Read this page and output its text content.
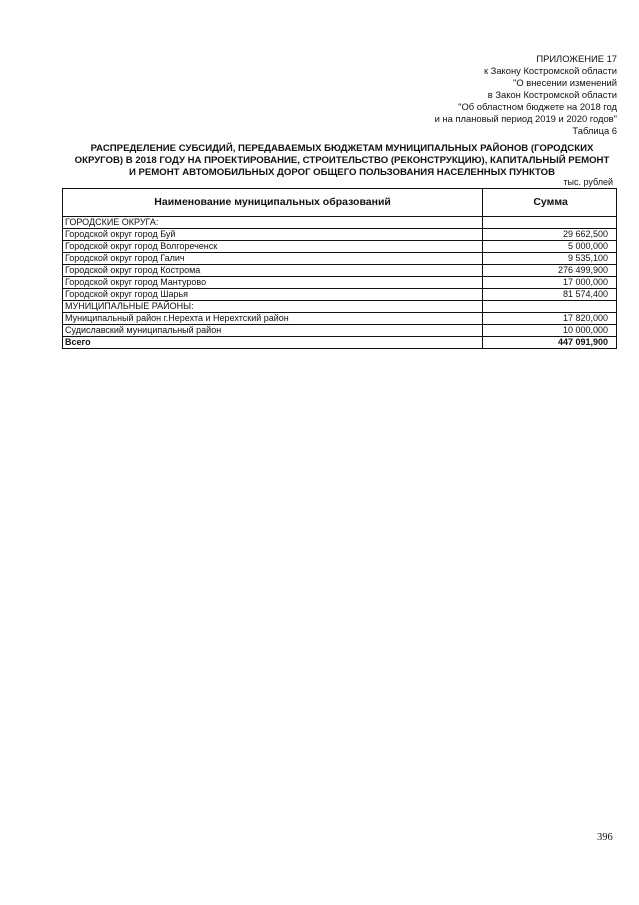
ПРИЛОЖЕНИЕ 17
к Закону Костромской области
"О внесении изменений
в Закон Костромской области
"Об областном бюджете на 2018 год
и на плановый период 2019 и 2020 годов"
Таблица 6
РАСПРЕДЕЛЕНИЕ СУБСИДИЙ, ПЕРЕДАВАЕМЫХ БЮДЖЕТАМ МУНИЦИПАЛЬНЫХ РАЙОНОВ (ГОРОДСКИХ
ОКРУГОВ) В 2018 ГОДУ НА ПРОЕКТИРОВАНИЕ, СТРОИТЕЛЬСТВО (РЕКОНСТРУКЦИЮ), КАПИТАЛЬНЫЙ РЕМОНТ
И РЕМОНТ АВТОМОБИЛЬНЫХ ДОРОГ ОБЩЕГО ПОЛЬЗОВАНИЯ НАСЕЛЕННЫХ ПУНКТОВ
тыс. рублей
Наименование муниципальных образований	Сумма
ГОРОДСКИЕ ОКРУГА:	
Городской округ город Буй	29 662,500
Городской округ город Волгореченск	5 000,000
Городской округ город Галич	9 535,100
Городской округ город Кострома	276 499,900
Городской округ город Мантурово	17 000,000
Городской округ город Шарья	81 574,400
МУНИЦИПАЛЬНЫЕ РАЙОНЫ:	
Муниципальный район г.Нерехта и Нерехтский район	17 820,000
Судиславский муниципальный район	10 000,000
Всего	447 091,900
396
